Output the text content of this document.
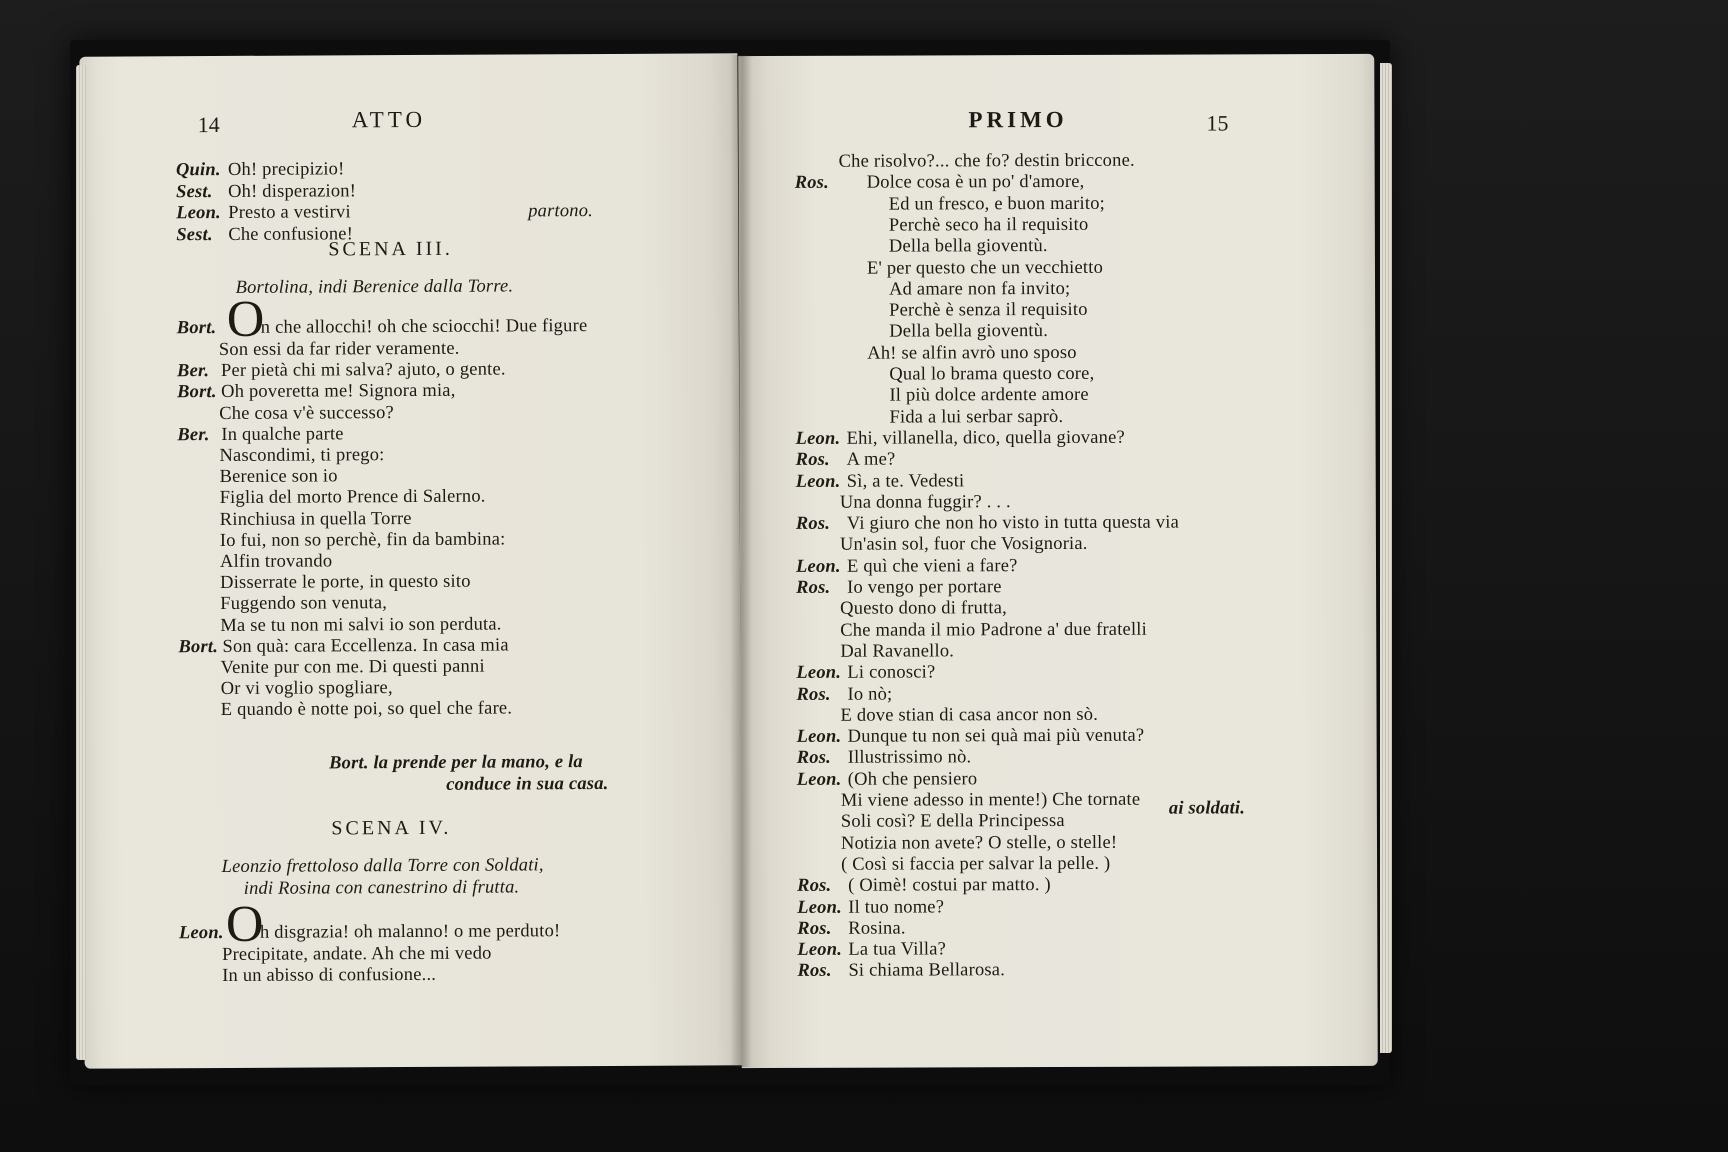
14	ATTO
Quin. Oh! precipizio!
Sest. Oh! disperazion!
Leon. Presto a vestirvi
Sest. Che confusione!
partono.
SCENA III.
Bortolina, indi Berenice dalla Torre.
Bort. O
n che allocchi! oh che sciocchi! Due figure
Son essi da far rider veramente.
Ber. Per pietà chi mi salva? ajuto, o gente.
Bort. Oh poveretta me! Signora mia,
Che cosa v'è successo?
Ber. In qualche parte
Nascondimi, ti prego:
Berenice son io
Figlia del morto Prence di Salerno.
Rinchiusa in quella Torre
Io fui, non so perchè, fin da bambina:
Alfin trovando
Disserrate le porte, in questo sito
Fuggendo son venuta,
Ma se tu non mi salvi io son perduta.
Bort. Son quà: cara Eccellenza. In casa mia
Venite pur con me. Di questi panni
Or vi voglio spogliare,
E quando è notte poi, so quel che fare.
Bort. la prende per la mano, e la
conduce in sua casa.
SCENA IV.
Leonzio frettoloso dalla Torre con Soldati,
indi Rosina con canestrino di frutta.
Leon. O
h disgrazia! oh malanno! o me perduto!
Precipitate, andate. Ah che mi vedo
In un abisso di confusione...
PRIMO	15
Che risolvo?... che fo? destin briccone.
Ros. Dolce cosa è un po' d'amore,
Ed un fresco, e buon marito;
Perchè seco ha il requisito
Della bella gioventù.
E' per questo che un vecchietto
Ad amare non fa invito;
Perchè è senza il requisito
Della bella gioventù.
Ah! se alfin avrò uno sposo
Qual lo brama questo core,
Il più dolce ardente amore
Fida a lui serbar saprò.
Leon. Ehi, villanella, dico, quella giovane?
Ros. A me?
Leon. Sì, a te. Vedesti
Una donna fuggir? . . .
Ros. Vi giuro che non ho visto in tutta questa via
Un'asin sol, fuor che Vosignoria.
Leon. E quì che vieni a fare?
Ros. Io vengo per portare
Questo dono di frutta,
Che manda il mio Padrone a' due fratelli
Dal Ravanello.
Leon. Li conosci?
Ros. Io nò;
E dove stian di casa ancor non sò.
Leon. Dunque tu non sei quà mai più venuta?
Ros. Illustrissimo nò.
Leon. (Oh che pensiero
Mi viene adesso in mente!) Che tornate
Soli così? E della Principessa
Notizia non avete? O stelle, o stelle!
( Così si faccia per salvar la pelle. )
Ros. ( Oimè! costui par matto. )
Leon. Il tuo nome?
Ros. Rosina.
Leon. La tua Villa?
Ros. Si chiama Bellarosa.
ai soldati.
